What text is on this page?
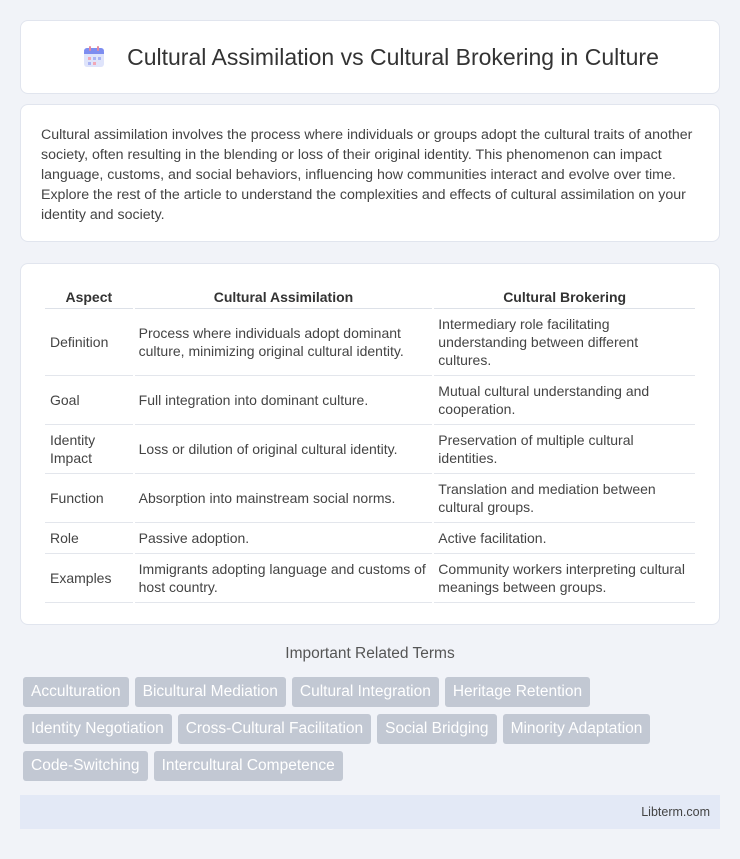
Cultural Assimilation vs Cultural Brokering in Culture

Cultural assimilation involves the process where individuals or groups adopt the cultural traits of another society, often resulting in the blending or loss of their original identity. This phenomenon can impact language, customs, and social behaviors, influencing how communities interact and evolve over time. Explore the rest of the article to understand the complexities and effects of cultural assimilation on your identity and society.

Aspect	Cultural Assimilation	Cultural Brokering
Definition	Process where individuals adopt dominant culture, minimizing original cultural identity.	Intermediary role facilitating understanding between different cultures.
Goal	Full integration into dominant culture.	Mutual cultural understanding and cooperation.
Identity Impact	Loss or dilution of original cultural identity.	Preservation of multiple cultural identities.
Function	Absorption into mainstream social norms.	Translation and mediation between cultural groups.
Role	Passive adoption.	Active facilitation.
Examples	Immigrants adopting language and customs of host country.	Community workers interpreting cultural meanings between groups.
Important Related Terms
Acculturation	Bicultural Mediation	Cultural Integration	Heritage Retention
Identity Negotiation	Cross-Cultural Facilitation	Social Bridging	Minority Adaptation
Code-Switching	Intercultural Competence
Libterm.com
